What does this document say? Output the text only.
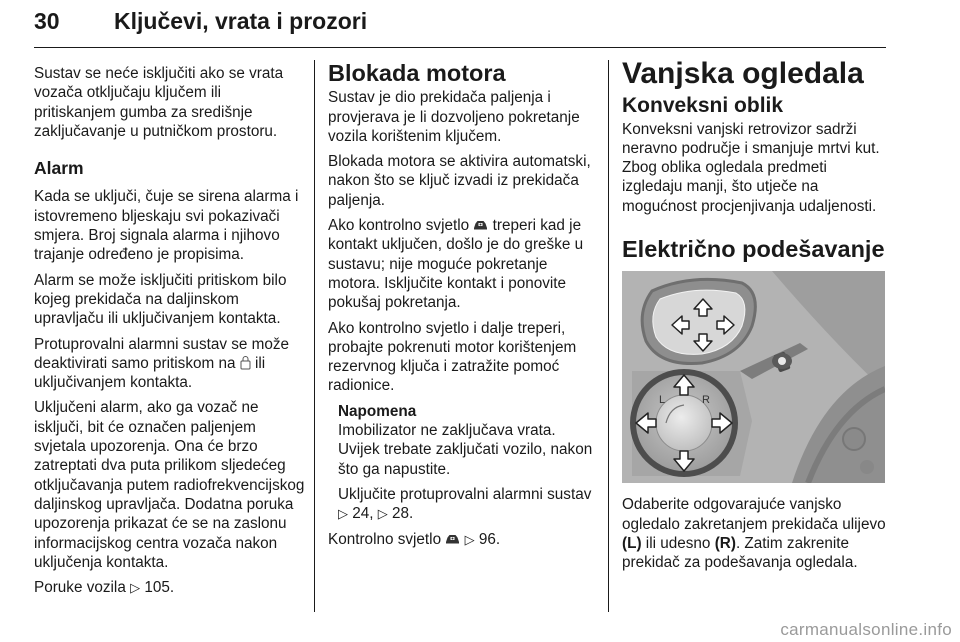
30 Ključevi, vrata i prozori

Sustav se neće isključiti ako se vrata vozača otključaju ključem ili pritiskanjem gumba za središnje zaključavanje u putničkom prostoru.

Alarm

Kada se uključi, čuje se sirena alarma i istovremeno bljeskaju svi pokazivači smjera. Broj signala alarma i njihovo trajanje određeno je propisima.

Alarm se može isključiti pritiskom bilo kojeg prekidača na daljinskom upravljaču ili uključivanjem kontakta.

Protuprovalni alarmni sustav se može deaktivirati samo pritiskom na ili uključivanjem kontakta.

Uključeni alarm, ako ga vozač ne isključi, bit će označen paljenjem svjetala upozorenja. Ona će brzo zatreptati dva puta prilikom sljedećeg otključavanja putem radiofrekvencijskog daljinskog upravljača. Dodatna poruka upozorenja prikazat će se na zaslonu informacijskog centra vozača nakon uključenja kontakta.

Poruke vozila ▷ 105.

Blokada motora

Sustav je dio prekidača paljenja i provjerava je li dozvoljeno pokretanje vozila korištenim ključem.

Blokada motora se aktivira automatski, nakon što se ključ izvadi iz prekidača paljenja.

Ako kontrolno svjetlo treperi kad je kontakt uključen, došlo je do greške u sustavu; nije moguće pokretanje motora. Isključite kontakt i ponovite pokušaj pokretanja.

Ako kontrolno svjetlo i dalje treperi, probajte pokrenuti motor korištenjem rezervnog ključa i zatražite pomoć radionice.

Napomena

Imobilizator ne zaključava vrata. Uvijek trebate zaključati vozilo, nakon što ga napustite.

Uključite protuprovalni alarmni sustav ▷ 24, ▷ 28.

Kontrolno svjetlo ▷ 96.

Vanjska ogledala
Konveksni oblik

Konveksni vanjski retrovizor sadrži neravno područje i smanjuje mrtvi kut. Zbog oblika ogledala predmeti izgledaju manji, što utječe na mogućnost procjenjivanja udaljenosti.

Električno podešavanje
L	R

Odaberite odgovarajuće vanjsko ogledalo zakretanjem prekidača ulijevo (L) ili udesno (R). Zatim zakrenite prekidač za podešavanja ogledala.

carmanualsonline.info
